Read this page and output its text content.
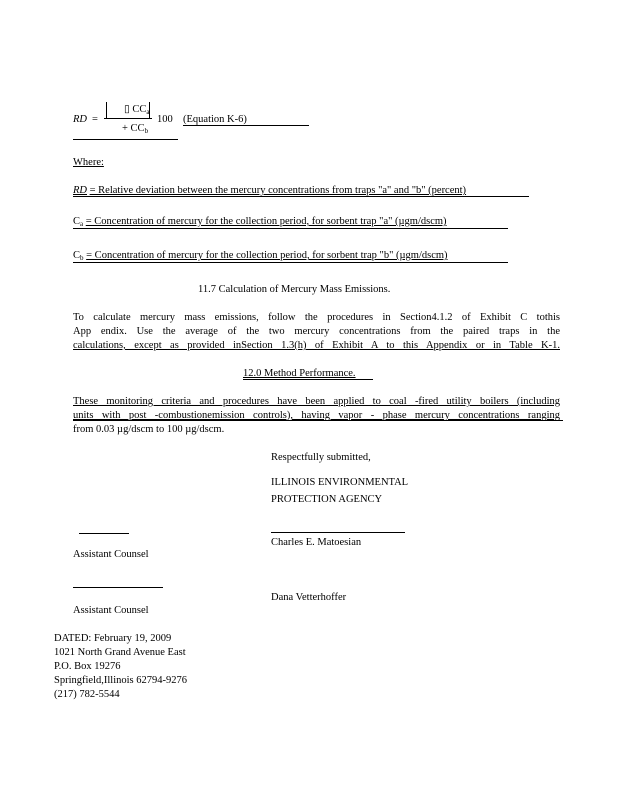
RD =
▯ CCa
+ CCb
100 (Equation K-6)
Where:
RD = Relative deviation between the mercury concentrations from traps "a" and "b" (percent)
Ca = Concentration of mercury for the collection period, for sorbent trap "a" (µgm/dscm)
Cb = Concentration of mercury for the collection period, for sorbent trap "b" (µgm/dscm)
11.7 Calculation of Mercury Mass Emissions.
To calculate mercury mass emissions, follow the procedures in Section4.1.2 of Exhibit C tothis
App endix. Use the average of the two mercury concentrations from the paired traps in the
calculations, except as provided inSection 1.3(h) of Exhibit A to this Appendix or in Table K-1.
12.0 Method Performance.
These monitoring criteria and procedures have been applied to coal -fired utility boilers (including
units with post -combustionemission controls), having vapor - phase mercury concentrations ranging
from 0.03 µg/dscm to 100 µg/dscm.
Respectfully submitted,
ILLINOIS ENVIRONMENTAL
PROTECTION AGENCY
Charles E. Matoesian
Assistant Counsel
Dana Vetterhoffer
Assistant Counsel
DATED: February 19, 2009
1021 North Grand Avenue East
P.O. Box 19276
Springfield,Illinois 62794-9276
(217) 782-5544
